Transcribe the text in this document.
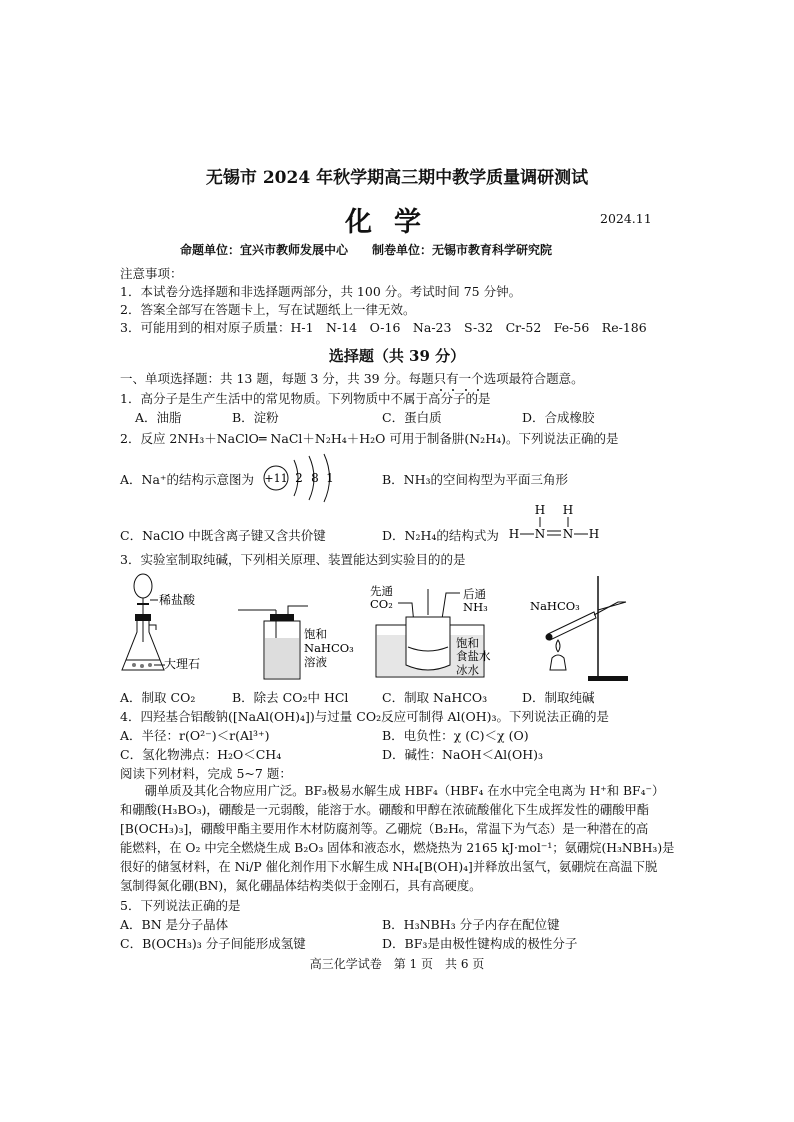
无锡市 2024 年秋学期高三期中教学质量调研测试
化学	2024.11
命题单位：宜兴市教师发展中心　　制卷单位：无锡市教育科学研究院
注意事项：
1．本试卷分选择题和非选择题两部分，共 100 分。考试时间 75 分钟。
2．答案全部写在答题卡上，写在试题纸上一律无效。
3．可能用到的相对原子质量：H-1　N-14　O-16　Na-23　S-32　Cr-52　Fe-56　Re-186
选择题（共 39 分）
一、单项选择题：共 13 题，每题 3 分，共 39 分。每题只有一个选项最符合题意。
1．高分子是生产生活中的常见物质。下列物质中不属于高分子的是
A．油脂	B．淀粉	C．蛋白质	D．合成橡胶
2．反应 2NH₃＋NaClO═ NaCl＋N₂H₄＋H₂O 可用于制备肼(N₂H₄)。下列说法正确的是
A．Na⁺的结构示意图为 +11 2 8 1	B．NH₃的空间构型为平面三角形
C．NaClO 中既含离子键又含共价键	D．N₂H₄的结构式为
H H
H N N H
3．实验室制取纯碱，下列相关原理、装置能达到实验目的的是
稀盐酸
大理石
饱和
NaHCO₃
溶液
先通
CO₂
后通
NH₃
饱和
食盐水
冰水
NaHCO₃
A．制取 CO₂	B．除去 CO₂中 HCl	C．制取 NaHCO₃	D．制取纯碱
4．四羟基合铝酸钠([NaAl(OH)₄])与过量 CO₂反应可制得 Al(OH)₃。下列说法正确的是
A．半径：r(O²⁻)＜r(Al³⁺)	B．电负性：χ (C)＜χ (O)
C．氢化物沸点：H₂O＜CH₄	D．碱性：NaOH＜Al(OH)₃
阅读下列材料，完成 5~7 题：
　　硼单质及其化合物应用广泛。BF₃极易水解生成 HBF₄（HBF₄ 在水中完全电离为 H⁺和 BF₄⁻）
和硼酸(H₃BO₃)，硼酸是一元弱酸，能溶于水。硼酸和甲醇在浓硫酸催化下生成挥发性的硼酸甲酯
[B(OCH₃)₃]，硼酸甲酯主要用作木材防腐剂等。乙硼烷（B₂H₆，常温下为气态）是一种潜在的高
能燃料，在 O₂ 中完全燃烧生成 B₂O₃ 固体和液态水，燃烧热为 2165 kJ·mol⁻¹；氨硼烷(H₃NBH₃)是
很好的储氢材料，在 Ni/P 催化剂作用下水解生成 NH₄[B(OH)₄]并释放出氢气，氨硼烷在高温下脱
氢制得氮化硼(BN)，氮化硼晶体结构类似于金刚石，具有高硬度。
5．下列说法正确的是
A．BN 是分子晶体	B．H₃NBH₃ 分子内存在配位键
C．B(OCH₃)₃ 分子间能形成氢键	D．BF₃是由极性键构成的极性分子
高三化学试卷　第 1 页　共 6 页
